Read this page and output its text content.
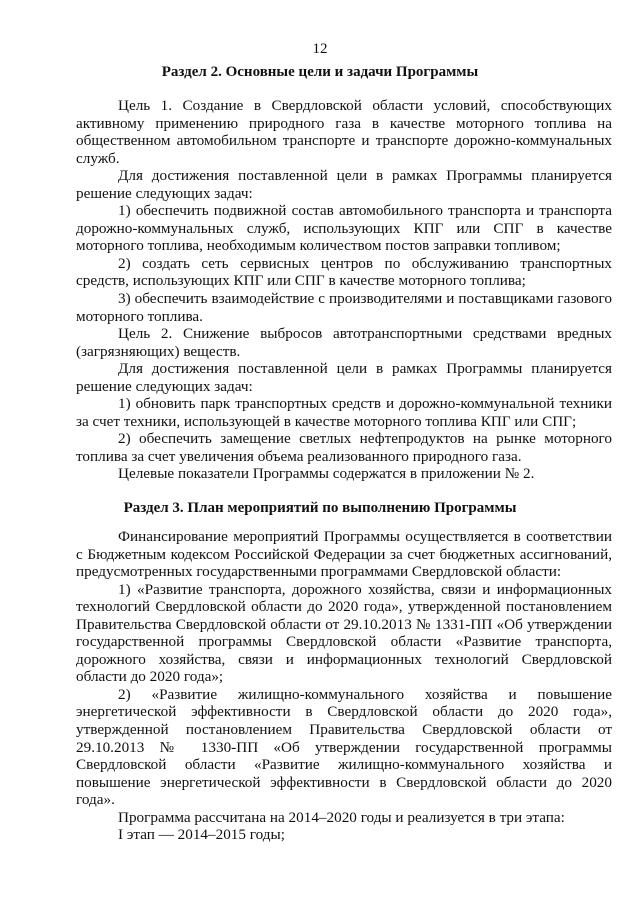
12
Раздел 2. Основные цели и задачи Программы

Цель 1. Создание в Свердловской области условий, способствующих активному применению природного газа в качестве моторного топлива на общественном автомобильном транспорте и транспорте дорожно-коммунальных служб.

Для достижения поставленной цели в рамках Программы планируется решение следующих задач:

1) обеспечить подвижной состав автомобильного транспорта и транспорта дорожно-коммунальных служб, использующих КПГ или СПГ в качестве моторного топлива, необходимым количеством постов заправки топливом;

2) создать сеть сервисных центров по обслуживанию транспортных средств, использующих КПГ или СПГ в качестве моторного топлива;

3) обеспечить взаимодействие с производителями и поставщиками газового моторного топлива.

Цель 2. Снижение выбросов автотранспортными средствами вредных (загрязняющих) веществ.

Для достижения поставленной цели в рамках Программы планируется решение следующих задач:

1) обновить парк транспортных средств и дорожно-коммунальной техники за счет техники, использующей в качестве моторного топлива КПГ или СПГ;

2) обеспечить замещение светлых нефтепродуктов на рынке моторного топлива за счет увеличения объема реализованного природного газа.

Целевые показатели Программы содержатся в приложении № 2.

Раздел 3. План мероприятий по выполнению Программы

Финансирование мероприятий Программы осуществляется в соответствии с Бюджетным кодексом Российской Федерации за счет бюджетных ассигнований, предусмотренных государственными программами Свердловской области:

1) «Развитие транспорта, дорожного хозяйства, связи и информационных технологий Свердловской области до 2020 года», утвержденной постановлением Правительства Свердловской области от 29.10.2013 № 1331-ПП «Об утверждении государственной программы Свердловской области «Развитие транспорта, дорожного хозяйства, связи и информационных технологий Свердловской области до 2020 года»;

2) «Развитие жилищно-коммунального хозяйства и повышение энергетической эффективности в Свердловской области до 2020 года», утвержденной постановлением Правительства Свердловской области от 29.10.2013 № 1330-ПП «Об утверждении государственной программы Свердловской области «Развитие жилищно-коммунального хозяйства и повышение энергетической эффективности в Свердловской области до 2020 года».

Программа рассчитана на 2014–2020 годы и реализуется в три этапа:

I этап — 2014–2015 годы;
